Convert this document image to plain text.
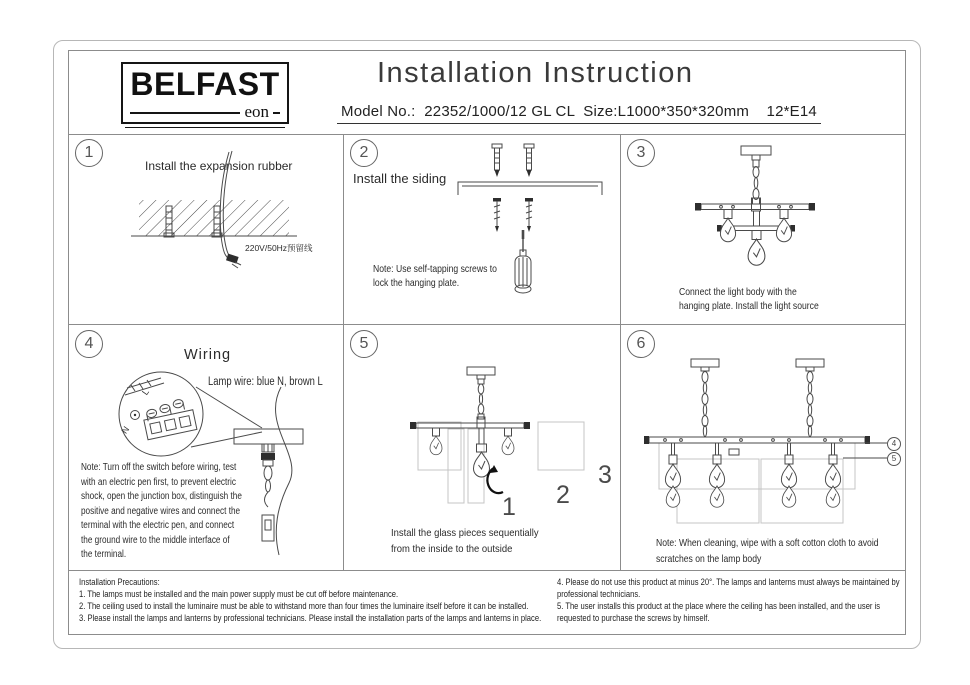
BELFAST
eon
Installation Instruction
Model No.:  22352/1000/12 GL CL  Size:L1000*350*320mm    12*E14
1
Install the expansion rubber
220V/50Hz预留线
2
Install the siding
Note: Use self-tapping screws to
lock the hanging plate.
3
Connect the light body with the
hanging plate. Install the light source
4
Wiring
Lamp wire: blue N, brown L
N
L
Note: Turn off the switch before wiring, test
with an electric pen first, to prevent electric
shock, open the junction box, distinguish the
positive and negative wires and connect the
terminal with the electric pen, and connect
the ground wire to the middle interface of
the terminal.
5
1 2
3
Install the glass pieces sequentially
from the inside to the outside
6
4
5
Note: When cleaning, wipe with a soft cotton cloth to avoid
scratches on the lamp body
Installation Precautions:
1. The lamps must be installed and the main power supply must be cut off before maintenance.
2. The ceiling used to install the luminaire must be able to withstand more than four times the luminaire itself before it can be installed.
3. Please install the lamps and lanterns by professional technicians. Please install the installation parts of the lamps and lanterns in place.
4. Please do not use this product at minus 20°. The lamps and lanterns must always be maintained by professional technicians.
5. The user installs this product at the place where the ceiling has been installed, and the user is requested to purchase the screws by himself.
